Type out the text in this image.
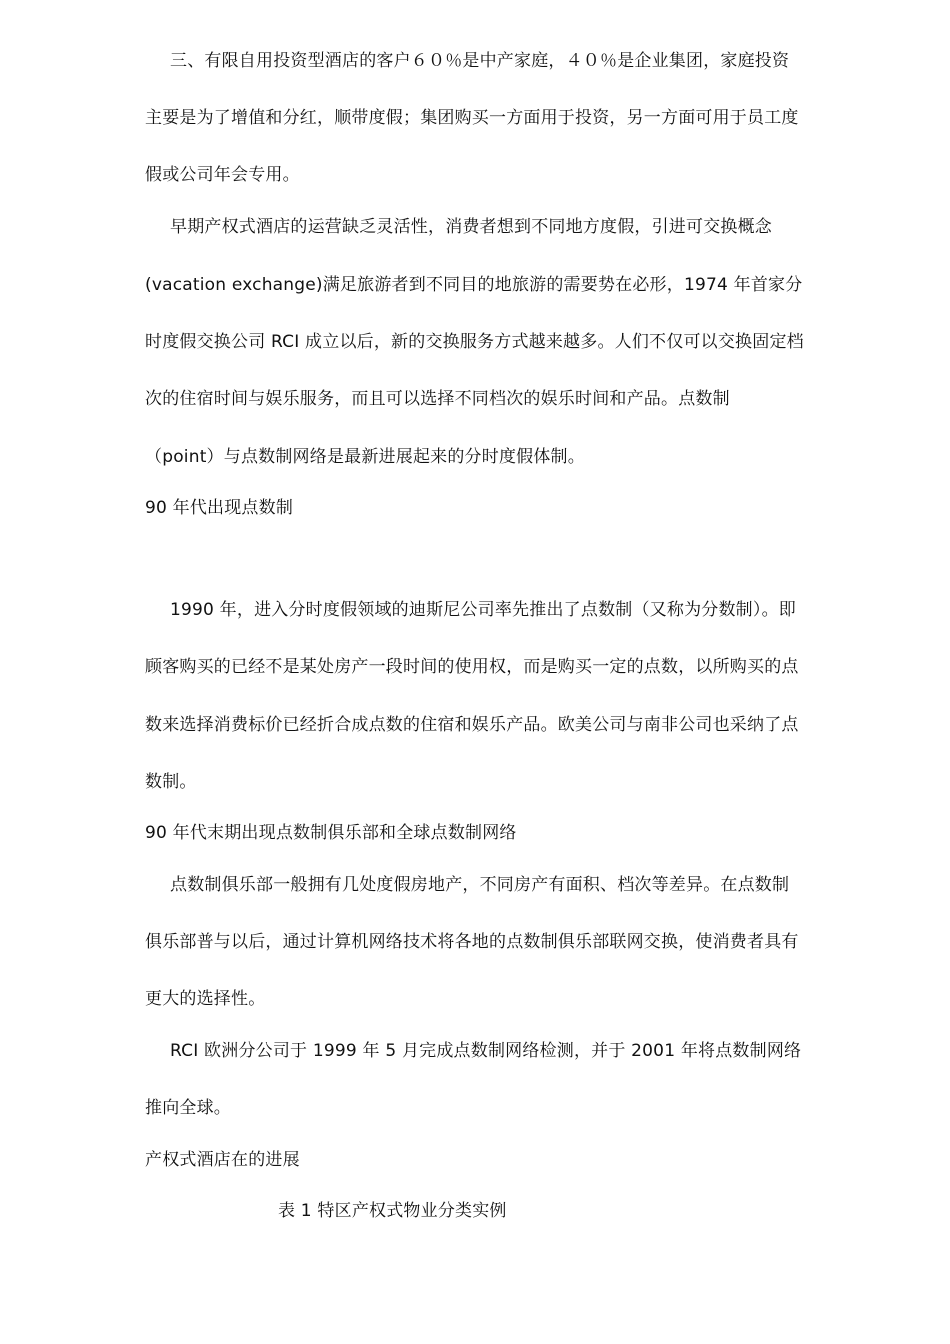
三、有限自用投资型酒店的客户６０％是中产家庭，４０％是企业集团，家庭投资
主要是为了增值和分红，顺带度假；集团购买一方面用于投资，另一方面可用于员工度
假或公司年会专用。
早期产权式酒店的运营缺乏灵活性，消费者想到不同地方度假，引进可交换概念
(vacation exchange)满足旅游者到不同目的地旅游的需要势在必形，1974 年首家分
时度假交换公司 RCI 成立以后，新的交换服务方式越来越多。人们不仅可以交换固定档
次的住宿时间与娱乐服务，而且可以选择不同档次的娱乐时间和产品。点数制
（point）与点数制网络是最新进展起来的分时度假体制。
90 年代出现点数制
1990 年，进入分时度假领域的迪斯尼公司率先推出了点数制（又称为分数制）。即
顾客购买的已经不是某处房产一段时间的使用权，而是购买一定的点数，以所购买的点
数来选择消费标价已经折合成点数的住宿和娱乐产品。欧美公司与南非公司也采纳了点
数制。
90 年代末期出现点数制俱乐部和全球点数制网络
点数制俱乐部一般拥有几处度假房地产，不同房产有面积、档次等差异。在点数制
俱乐部普与以后，通过计算机网络技术将各地的点数制俱乐部联网交换，使消费者具有
更大的选择性。
RCI 欧洲分公司于 1999 年 5 月完成点数制网络检测，并于 2001 年将点数制网络
推向全球。
产权式酒店在的进展
表 1 特区产权式物业分类实例
